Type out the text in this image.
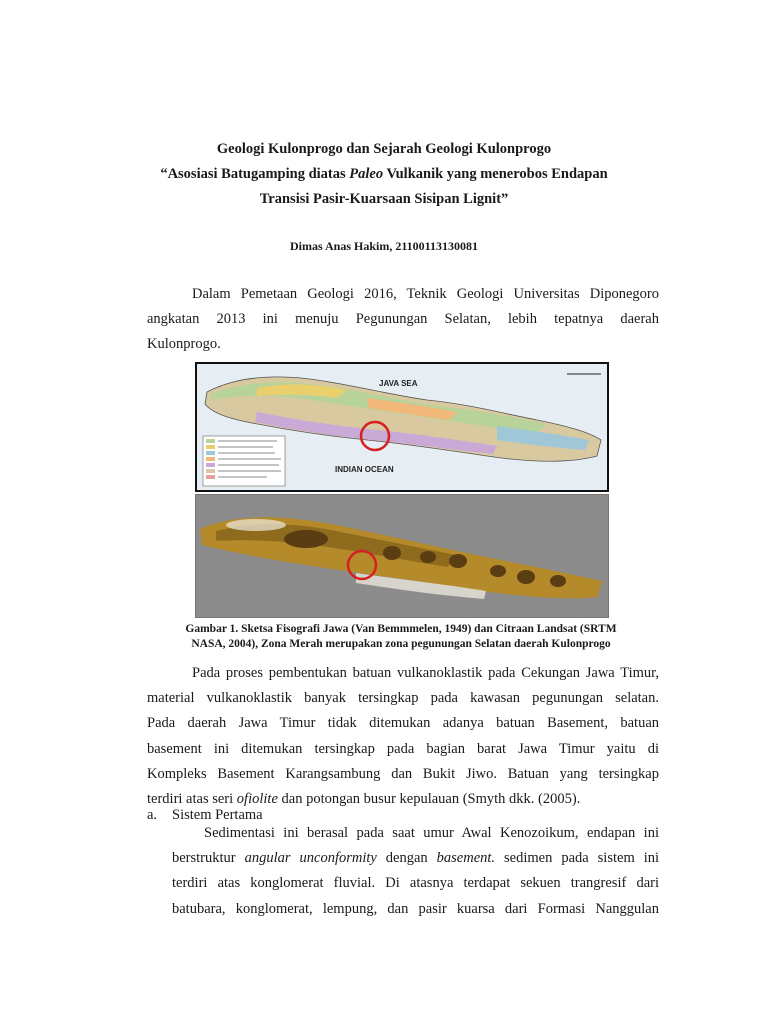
Geologi Kulonprogo dan Sejarah Geologi Kulonprogo
“Asosiasi Batugamping diatas Paleo Vulkanik yang menerobos Endapan
Transisi Pasir-Kuarsaan Sisipan Lignit”
Dimas Anas Hakim, 21100113130081
Dalam Pemetaan Geologi 2016, Teknik Geologi Universitas Diponegoro
angkatan 2013 ini menuju Pegunungan Selatan, lebih tepatnya daerah
Kulonprogo.
JAVA SEA
INDIAN OCEAN
Gambar 1. Sketsa Fisografi Jawa (Van Bemmmelen, 1949) dan Citraan Landsat (SRTM
NASA, 2004), Zona Merah merupakan zona pegunungan Selatan daerah Kulonprogo
Pada proses pembentukan batuan vulkanoklastik pada Cekungan Jawa Timur,
material vulkanoklastik banyak tersingkap pada kawasan pegunungan selatan.
Pada daerah Jawa Timur tidak ditemukan adanya batuan Basement, batuan
basement ini ditemukan tersingkap pada bagian barat Jawa Timur yaitu di
Kompleks Basement Karangsambung dan Bukit Jiwo. Batuan yang tersingkap
terdiri atas seri ofiolite dan potongan busur kepulauan (Smyth dkk. (2005).
a. Sistem Pertama
Sedimentasi ini berasal pada saat umur Awal Kenozoikum, endapan ini
berstruktur angular unconformity dengan basement. sedimen pada sistem ini
terdiri atas konglomerat fluvial. Di atasnya terdapat sekuen trangresif dari
batubara, konglomerat, lempung, dan pasir kuarsa dari Formasi Nanggulan
